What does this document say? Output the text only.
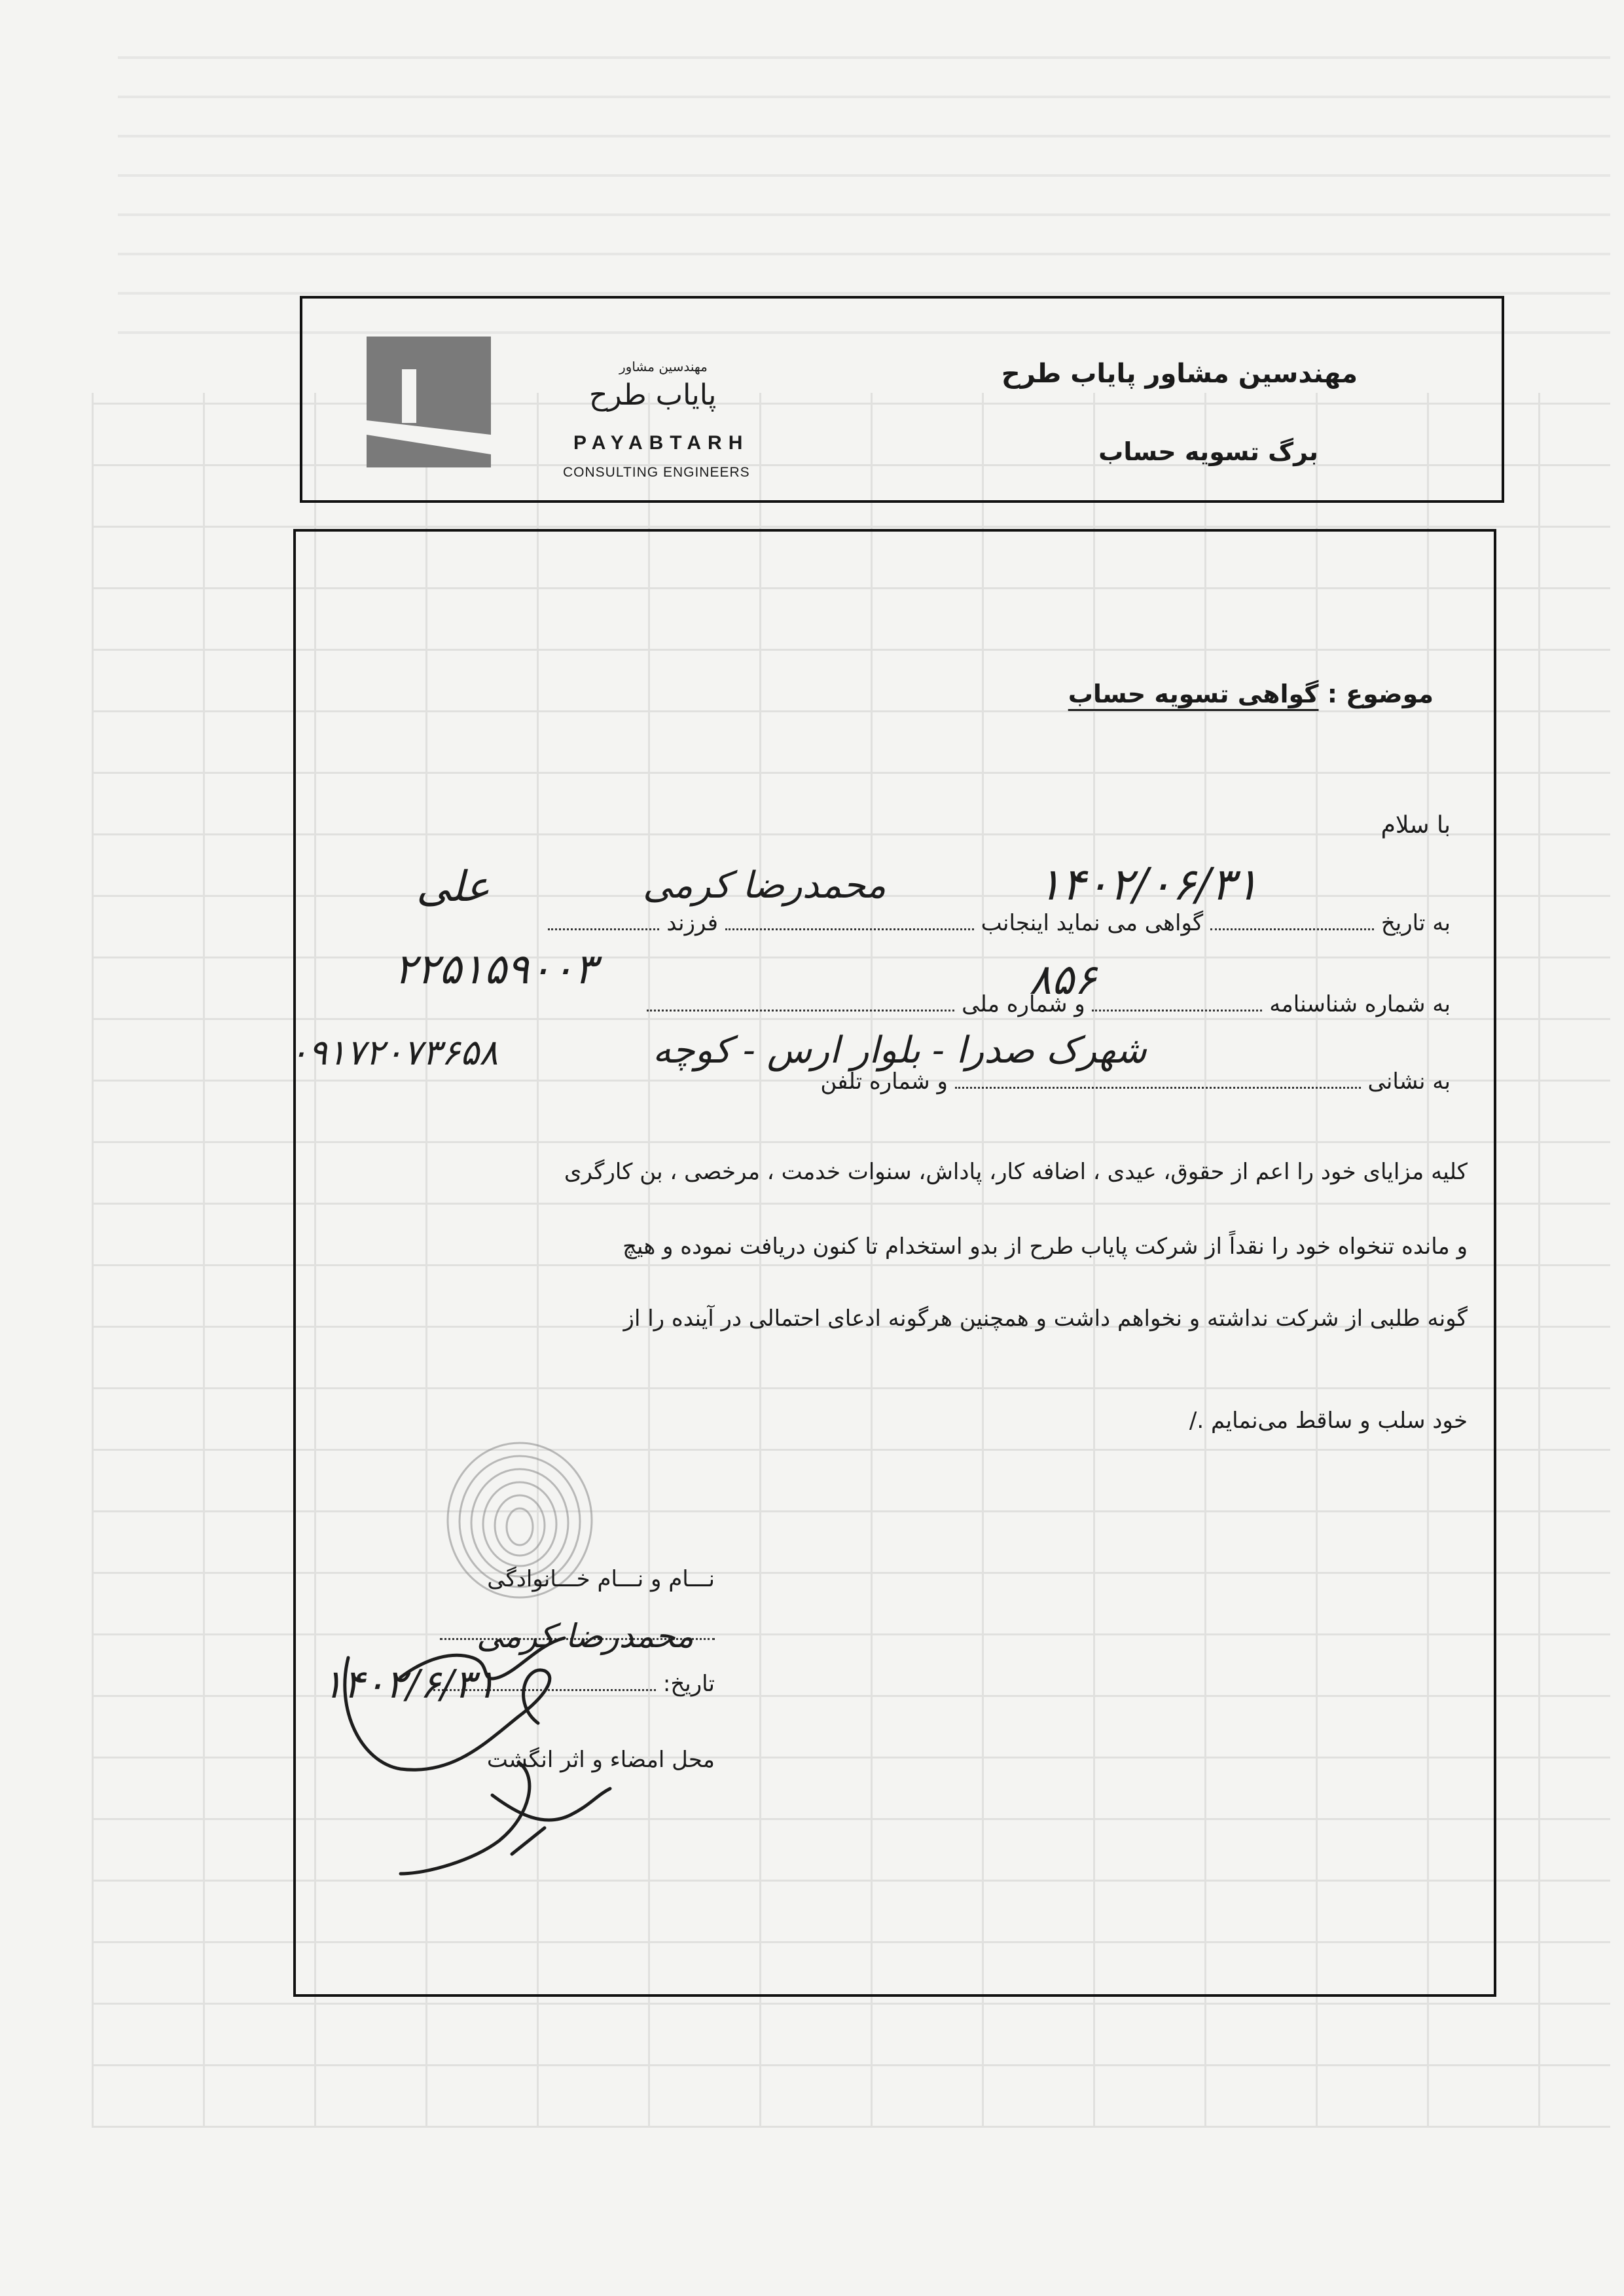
مهندسین مشاور
پایاب طرح
PAYABTARH
CONSULTING ENGINEERS
مهندسین مشاور پایاب طرح
برگ تسویه حساب
موضوع : گواهی تسویه حساب
با سلام
به تاریخ  گواهی می نماید اینجانب  فرزند
۱۴۰۲/۰۶/۳۱
محمدرضا کرمی
علی
به شماره شناسنامه  و شماره ملی
۸۵۶
۲۲۵۱۵۹۰۰۳
به نشانی  و شماره تلفن
شهرک صدرا - بلوار ارس - کوچه
۰۹۱۷۲۰۷۳۶۵۸
کلیه مزایای خود را اعم از حقوق، عیدی ، اضافه کار، پاداش، سنوات خدمت ، مرخصی ، بن کارگری
و مانده تنخواه خود را نقداً از شرکت پایاب طرح از بدو استخدام تا کنون دریافت نموده و هیچ
گونه طلبی از شرکت نداشته و نخواهم داشت و همچنین هرگونه ادعای احتمالی در آینده را از
خود سلب و ساقط می‌نمایم ./
نـــام و نـــام خـــانوادگی
تاریخ:
محل امضاء و اثر انگشت
محمدرضا کرمی
۱۴۰۲/۶/۳۱
